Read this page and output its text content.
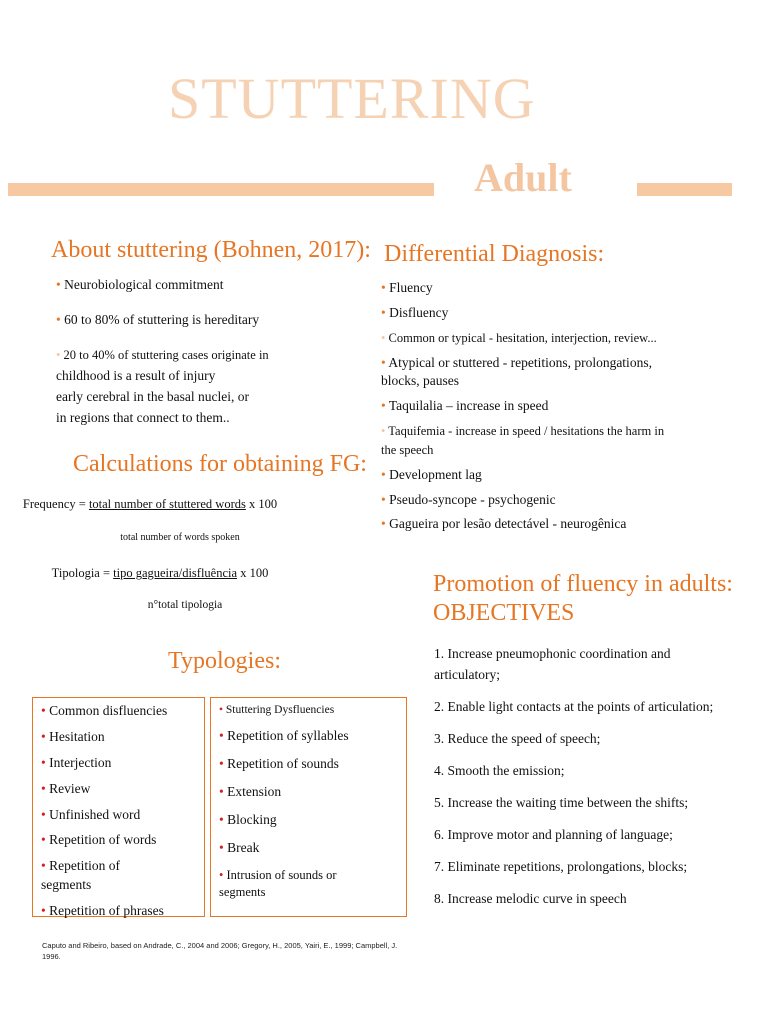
STUTTERING
Adult
About stuttering (Bohnen, 2017):
• Neurobiological commitment
• 60 to 80% of stuttering is hereditary
• 20 to 40% of stuttering cases originate in
childhood is a result of injury
early cerebral in the basal nuclei, or
in regions that connect to them..
Differential Diagnosis:
• Fluency
• Disfluency
• Common or typical - hesitation, interjection, review...
• Atypical or stuttered - repetitions, prolongations, blocks, pauses
• Taquilalia – increase in speed
• Taquifemia - increase in speed / hesitations the harm in the speech
• Development lag
• Pseudo-syncope - psychogenic
• Gagueira por lesão detectável - neurogênica
Calculations for obtaining FG:
Frequency = total number of stuttered words x 100
total number of words spoken
Tipologia = tipo gagueira/disfluência x 100
n°total tipologia
Typologies:
• Common disfluencies
• Hesitation
• Interjection
• Review
• Unfinished word
• Repetition of words
• Repetition of segments
• Repetition of phrases
• Stuttering Dysfluencies
• Repetition of syllables
• Repetition of sounds
• Extension
• Blocking
• Break
• Intrusion of sounds or segments
Caputo and Ribeiro, based on Andrade, C., 2004 and 2006; Gregory, H., 2005, Yairi, E., 1999; Campbell, J. 1996.
Promotion of fluency in adults:
OBJECTIVES
1. Increase pneumophonic coordination and articulatory;
2. Enable light contacts at the points of articulation;
3. Reduce the speed of speech;
4. Smooth the emission;
5. Increase the waiting time between the shifts;
6. Improve motor and planning of language;
7. Eliminate repetitions, prolongations, blocks;
8. Increase melodic curve in speech
